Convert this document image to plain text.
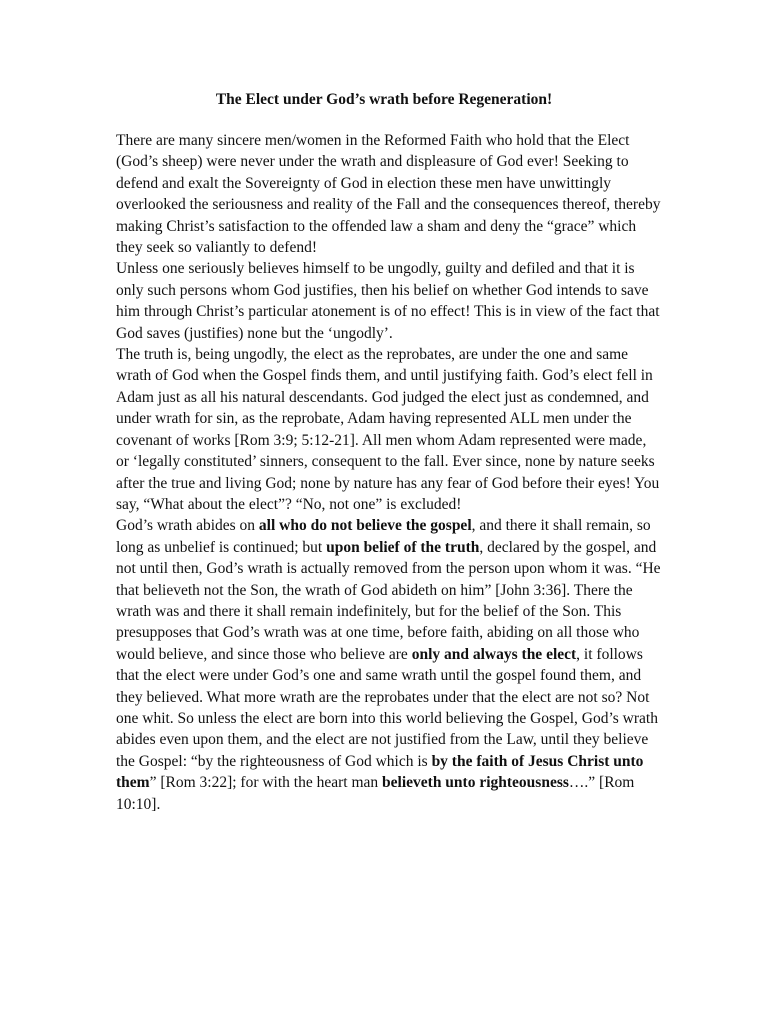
The Elect under God’s wrath before Regeneration!

There are many sincere men/women in the Reformed Faith who hold that the Elect (God’s sheep) were never under the wrath and displeasure of God ever! Seeking to defend and exalt the Sovereignty of God in election these men have unwittingly overlooked the seriousness and reality of the Fall and the consequences thereof, thereby making Christ’s satisfaction to the offended law a sham and deny the “grace” which they seek so valiantly to defend!

Unless one seriously believes himself to be ungodly, guilty and defiled and that it is only such persons whom God justifies, then his belief on whether God intends to save him through Christ’s particular atonement is of no effect! This is in view of the fact that God saves (justifies) none but the ‘ungodly’.

The truth is, being ungodly, the elect as the reprobates, are under the one and same wrath of God when the Gospel finds them, and until justifying faith. God’s elect fell in Adam just as all his natural descendants. God judged the elect just as condemned, and under wrath for sin, as the reprobate, Adam having represented ALL men under the covenant of works [Rom 3:9; 5:12-21]. All men whom Adam represented were made, or ‘legally constituted’ sinners, consequent to the fall. Ever since, none by nature seeks after the true and living God; none by nature has any fear of God before their eyes! You say, “What about the elect”? “No, not one” is excluded!

God’s wrath abides on all who do not believe the gospel, and there it shall remain, so long as unbelief is continued; but upon belief of the truth, declared by the gospel, and not until then, God’s wrath is actually removed from the person upon whom it was. “He that believeth not the Son, the wrath of God abideth on him” [John 3:36]. There the wrath was and there it shall remain indefinitely, but for the belief of the Son. This presupposes that God’s wrath was at one time, before faith, abiding on all those who would believe, and since those who believe are only and always the elect, it follows that the elect were under God’s one and same wrath until the gospel found them, and they believed. What more wrath are the reprobates under that the elect are not so? Not one whit. So unless the elect are born into this world believing the Gospel, God’s wrath abides even upon them, and the elect are not justified from the Law, until they believe the Gospel: “by the righteousness of God which is by the faith of Jesus Christ unto them” [Rom 3:22]; for with the heart man believeth unto righteousness….” [Rom 10:10].
